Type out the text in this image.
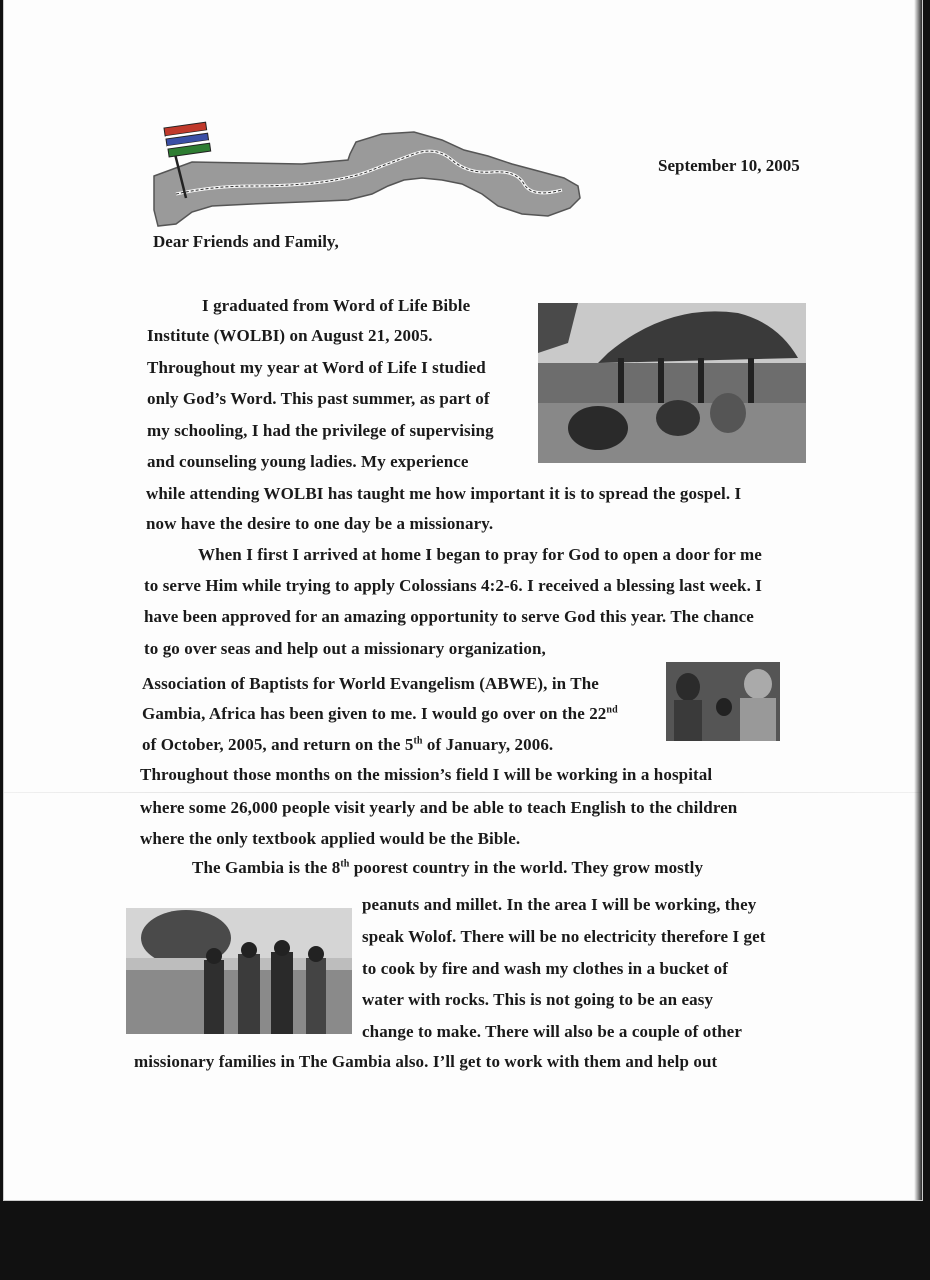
September 10, 2005
Dear Friends and Family,
I graduated from Word of Life Bible
Institute (WOLBI) on August 21, 2005.
Throughout my year at Word of Life I studied
only God’s Word. This past summer, as part of
my schooling, I had the privilege of supervising
and counseling young ladies. My experience
while attending WOLBI has taught me how important it is to spread the gospel. I
now have the desire to one day be a missionary.
When I first I arrived at home I began to pray for God to open a door for me
to serve Him while trying to apply Colossians 4:2-6. I received a blessing last week. I
have been approved for an amazing opportunity to serve God this year. The chance
to go over seas and help out a missionary organization,
Association of Baptists for World Evangelism (ABWE), in The
Gambia, Africa has been given to me. I would go over on the 22nd
of October, 2005, and return on the 5th of January, 2006.
Throughout those months on the mission’s field I will be working in a hospital
where some 26,000 people visit yearly and be able to teach English to the children
where the only textbook applied would be the Bible.
The Gambia is the 8th poorest country in the world. They grow mostly
peanuts and millet. In the area I will be working, they
speak Wolof. There will be no electricity therefore I get
to cook by fire and wash my clothes in a bucket of
water with rocks. This is not going to be an easy
change to make. There will also be a couple of other
missionary families in The Gambia also. I’ll get to work with them and help out
